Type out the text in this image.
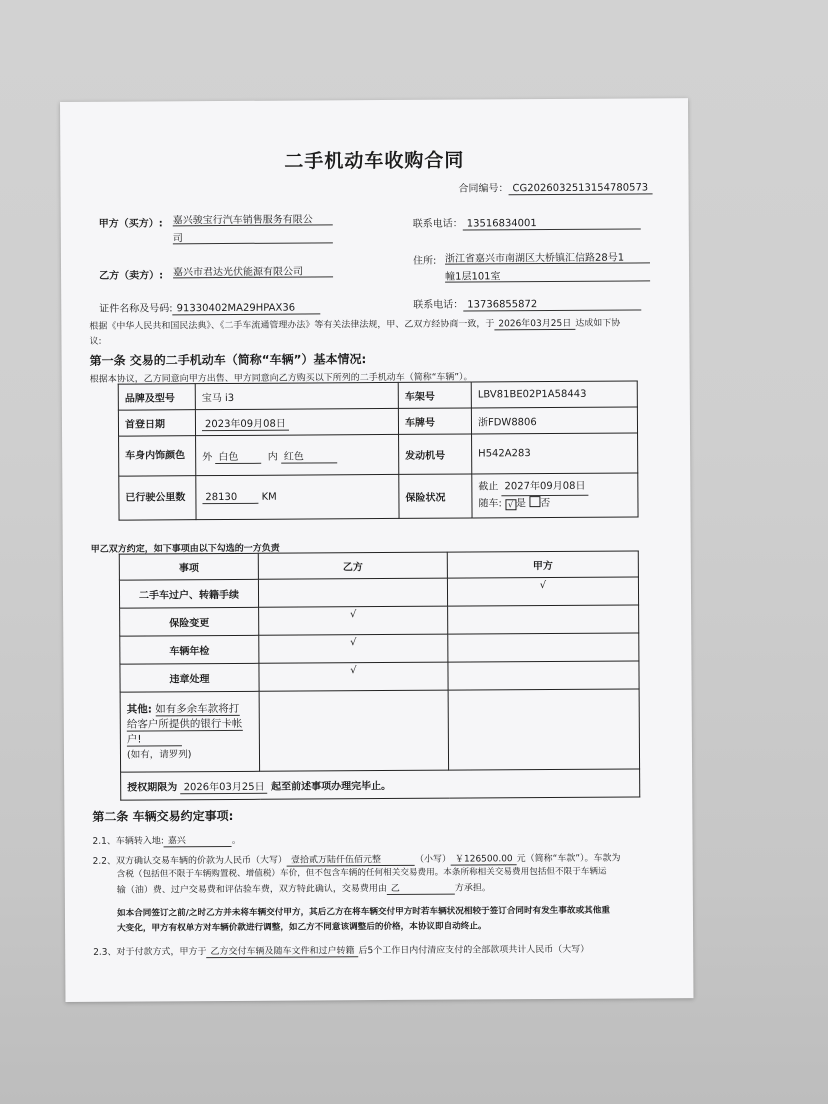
二手机动车收购合同
合同编号： CG2026032513154780573
甲方（买方）: 嘉兴骏宝行汽车销售服务有限公
司
联系电话： 13516834001
乙方（卖方）: 嘉兴市君达光伏能源有限公司
住所: 浙江省嘉兴市南湖区大桥镇汇信路28号1
幢1层101室
证件名称及号码: 91330402MA29HPAX36	联系电话： 13736855872
根据《中华人民共和国民法典》、《二手车流通管理办法》等有关法律法规，甲、乙双方经协商一致，于 2026年03月25日 达成如下协
议:
第一条 交易的二手机动车（简称“车辆”）基本情况:
根据本协议，乙方同意向甲方出售、甲方同意向乙方购买以下所列的二手机动车（简称“车辆”）。
品牌及型号	宝马 i3	车架号	LBV81BE02P1A58443
首登日期	2023年09月08日	车牌号	浙FDW8806
车身内饰颜色	外 白色 内 红色	发动机号	H542A283
已行驶公里数	28130 KM	保险状况	截止 2027年09月08日
随车: √ 是 否
甲乙双方约定，如下事项由以下勾选的一方负责
事项	乙方	甲方
二手车过户、转籍手续		√
保险变更	√	
车辆年检	√	
违章处理	√	
其他: 如有多余车款将打
给客户所提供的银行卡帐
户!
(如有，请罗列)		
授权期限为 2026年03月25日 起至前述事项办理完毕止。		
第二条 车辆交易约定事项:
2.1、车辆转入地: 嘉兴	。
2.2、双方确认交易车辆的价款为人民币（大写） 壹拾贰万陆仟伍佰元整	（小写） ￥126500.00 元（简称“车款”）。车款为
含税（包括但不限于车辆购置税、增值税）车价，但不包含车辆的任何相关交易费用。本条所称相关交易费用包括但不限于车辆运
输（油）费、过户交易费和评估验车费，双方特此确认，交易费用由 乙	方承担。
如本合同签订之前/之时乙方并未将车辆交付甲方，其后乙方在将车辆交付甲方时若车辆状况相较于签订合同时有发生事故或其他重
大变化，甲方有权单方对车辆价款进行调整，如乙方不同意该调整后的价格，本协议即自动终止。
2.3、对于付款方式，甲方于 乙方交付车辆及随车文件和过户转籍 后5个工作日内付清应支付的全部款项共计人民币（大写）
